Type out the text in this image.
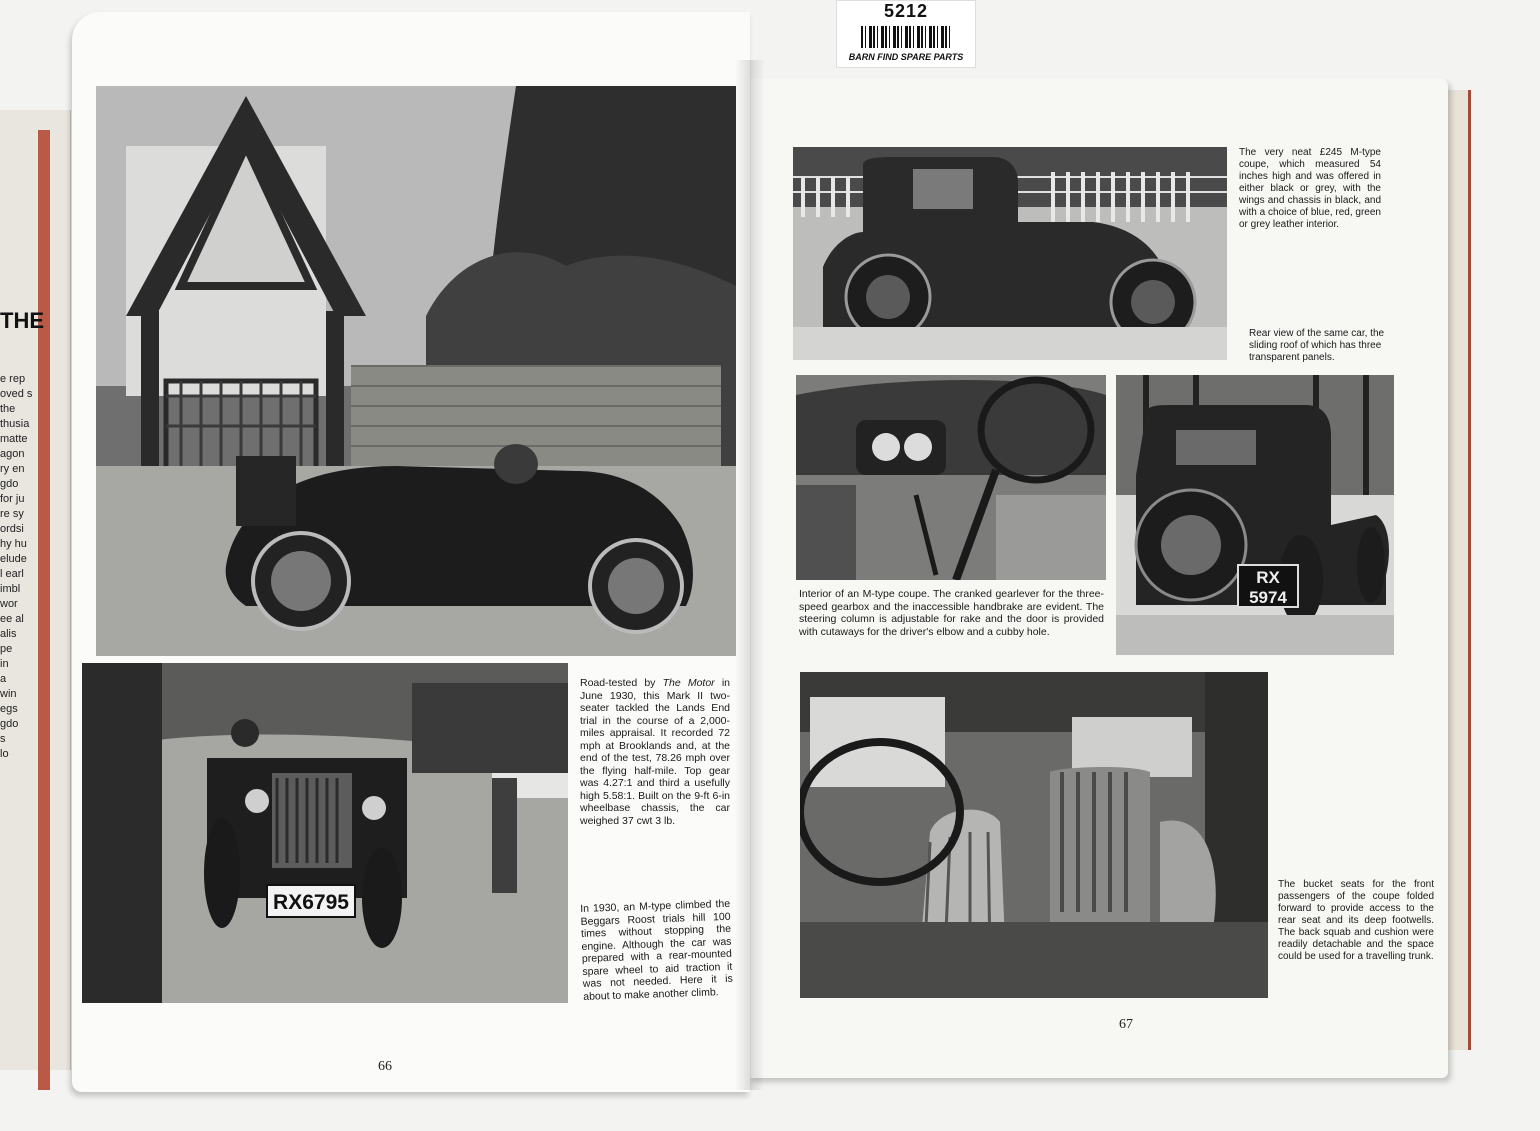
THE
e rep
oved s
the
thusia
matte
agon
ry en
gdo
for ju
re sy
ordsi
hy hu
elude
l earl
imbl
wor
ee al
alis
pe
in
a
win
egs
gdo
s
lo
5212
BARN FIND SPARE PARTS
RX6795
Road-tested by The Motor in June 1930, this Mark II two-seater tackled the Lands End trial in the course of a 2,000-miles appraisal. It recorded 72 mph at Brooklands and, at the end of the test, 78.26 mph over the flying half-mile. Top gear was 4.27:1 and third a usefully high 5.58:1. Built on the 9-ft 6-in wheelbase chassis, the car weighed 37 cwt 3 lb.
In 1930, an M-type climbed the Beggars Roost trials hill 100 times without stopping the engine. Although the car was prepared with a rear-mounted spare wheel to aid traction it was not needed. Here it is about to make another climb.
66
RX
5974
The very neat £245 M-type coupe, which measured 54 inches high and was offered in either black or grey, with the wings and chassis in black, and with a choice of blue, red, green or grey leather interior.
Rear view of the same car, the sliding roof of which has three transparent panels.
Interior of an M-type coupe. The cranked gearlever for the three-speed gearbox and the inaccessible handbrake are evident. The steering column is adjustable for rake and the door is provided with cutaways for the driver's elbow and a cubby hole.
The bucket seats for the front passengers of the coupe folded forward to provide access to the rear seat and its deep footwells. The back squab and cushion were readily detachable and the space could be used for a travelling trunk.
67
